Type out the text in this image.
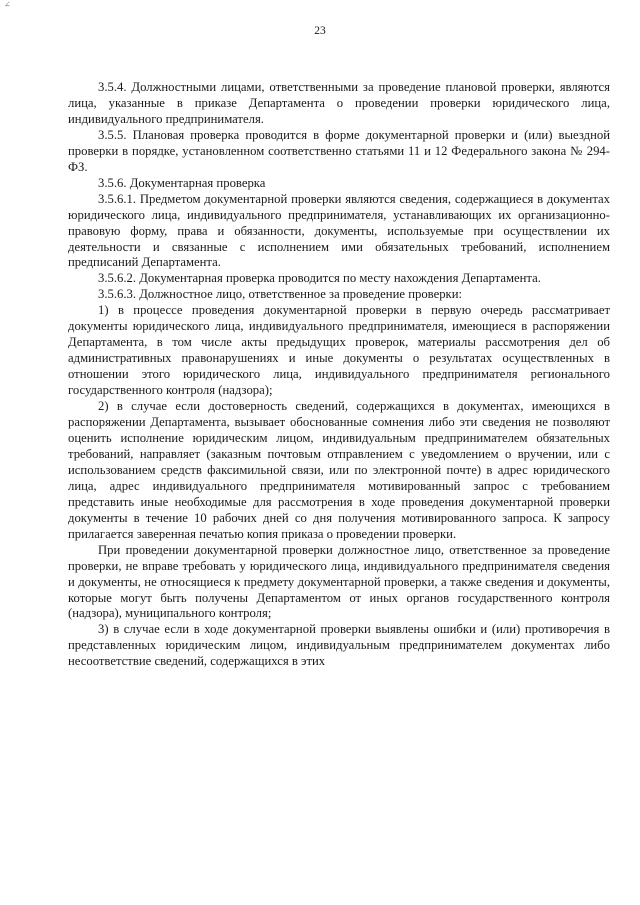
∠
23

3.5.4. Должностными лицами, ответственными за проведение плановой проверки, являются лица, указанные в приказе Департамента о проведении проверки юридического лица, индивидуального предпринимателя.

3.5.5. Плановая проверка проводится в форме документарной проверки и (или) выездной проверки в порядке, установленном соответственно статьями 11 и 12 Федерального закона № 294-ФЗ.

3.5.6. Документарная проверка

3.5.6.1. Предметом документарной проверки являются сведения, содержащиеся в документах юридического лица, индивидуального предпринимателя, устанавливающих их организационно-правовую форму, права и обязанности, документы, используемые при осуществлении их деятельности и связанные с исполнением ими обязательных требований, исполнением предписаний Департамента.

3.5.6.2. Документарная проверка проводится по месту нахождения Департамента.

3.5.6.3. Должностное лицо, ответственное за проведение проверки:

1) в процессе проведения документарной проверки в первую очередь рассматривает документы юридического лица, индивидуального предпринимателя, имеющиеся в распоряжении Департамента, в том числе акты предыдущих проверок, материалы рассмотрения дел об административных правонарушениях и иные документы о результатах осуществленных в отношении этого юридического лица, индивидуального предпринимателя регионального государственного контроля (надзора);

2) в случае если достоверность сведений, содержащихся в документах, имеющихся в распоряжении Департамента, вызывает обоснованные сомнения либо эти сведения не позволяют оценить исполнение юридическим лицом, индивидуальным предпринимателем обязательных требований, направляет (заказным почтовым отправлением с уведомлением о вручении, или с использованием средств факсимильной связи, или по электронной почте) в адрес юридического лица, адрес индивидуального предпринимателя мотивированный запрос с требованием представить иные необходимые для рассмотрения в ходе проведения документарной проверки документы в течение 10 рабочих дней со дня получения мотивированного запроса. К запросу прилагается заверенная печатью копия приказа о проведении проверки.

При проведении документарной проверки должностное лицо, ответственное за проведение проверки, не вправе требовать у юридического лица, индивидуального предпринимателя сведения и документы, не относящиеся к предмету документарной проверки, а также сведения и документы, которые могут быть получены Департаментом от иных органов государственного контроля (надзора), муниципального контроля;

3) в случае если в ходе документарной проверки выявлены ошибки и (или) противоречия в представленных юридическим лицом, индивидуальным предпринимателем документах либо несоответствие сведений, содержащихся в этих
